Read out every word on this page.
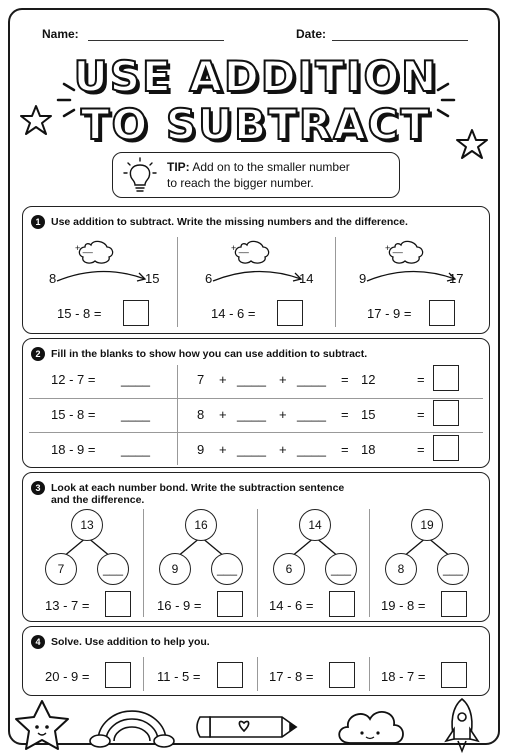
Name:	Date:
USE ADDITION
TO SUBTRACT
TIP: Add on to the smaller number
to reach the bigger number.
1	Use addition to subtract. Write the missing numbers and the difference.
+ __
8	15
15 - 8 =
+ __
6	14
14 - 6 =
+ __
9	17
17 - 9 =
2	Fill in the blanks to show how you can use addition to subtract.
12 - 7 = ____	7 + ____ + ____ = 12	=
15 - 8 = ____	8 + ____ + ____ = 15	=
18 - 9 = ____	9 + ____ + ____ = 18	=
3	Look at each number bond. Write the subtraction sentence
and the difference.
13
7	___
13 - 7 =
16
9	___
16 - 9 =
14
6	___
14 - 6 =
19
8	___
19 - 8 =
4	Solve. Use addition to help you.
20 - 9 =	11 - 5 =	17 - 8 =	18 - 7 =
